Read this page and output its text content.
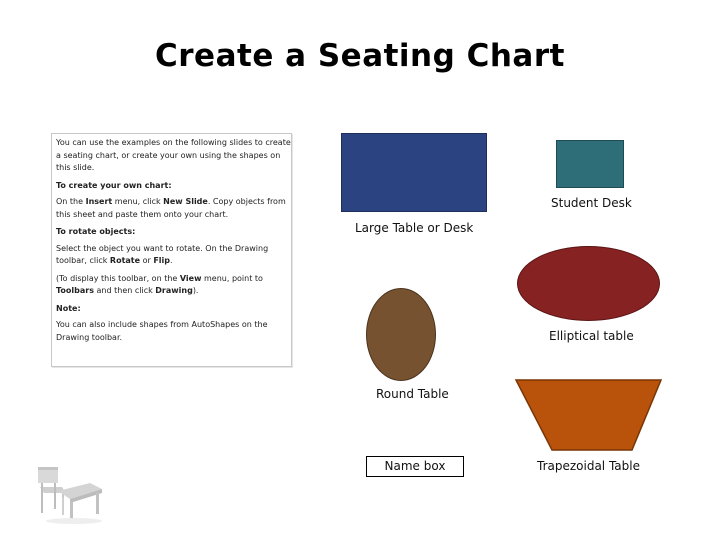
Create a Seating Chart

You can use the examples on the following slides to create a seating chart, or create your own using the shapes on this slide.

To create your own chart:

On the Insert menu, click New Slide. Copy objects from this sheet and paste them onto your chart.

To rotate objects:

Select the object you want to rotate. On the Drawing toolbar, click Rotate or Flip.

(To display this toolbar, on the View menu, point to Toolbars and then click Drawing).

Note:

You can also include shapes from AutoShapes on the Drawing toolbar.

Large Table or Desk
Student Desk
Elliptical table
Round Table
Trapezoidal Table
Name box
